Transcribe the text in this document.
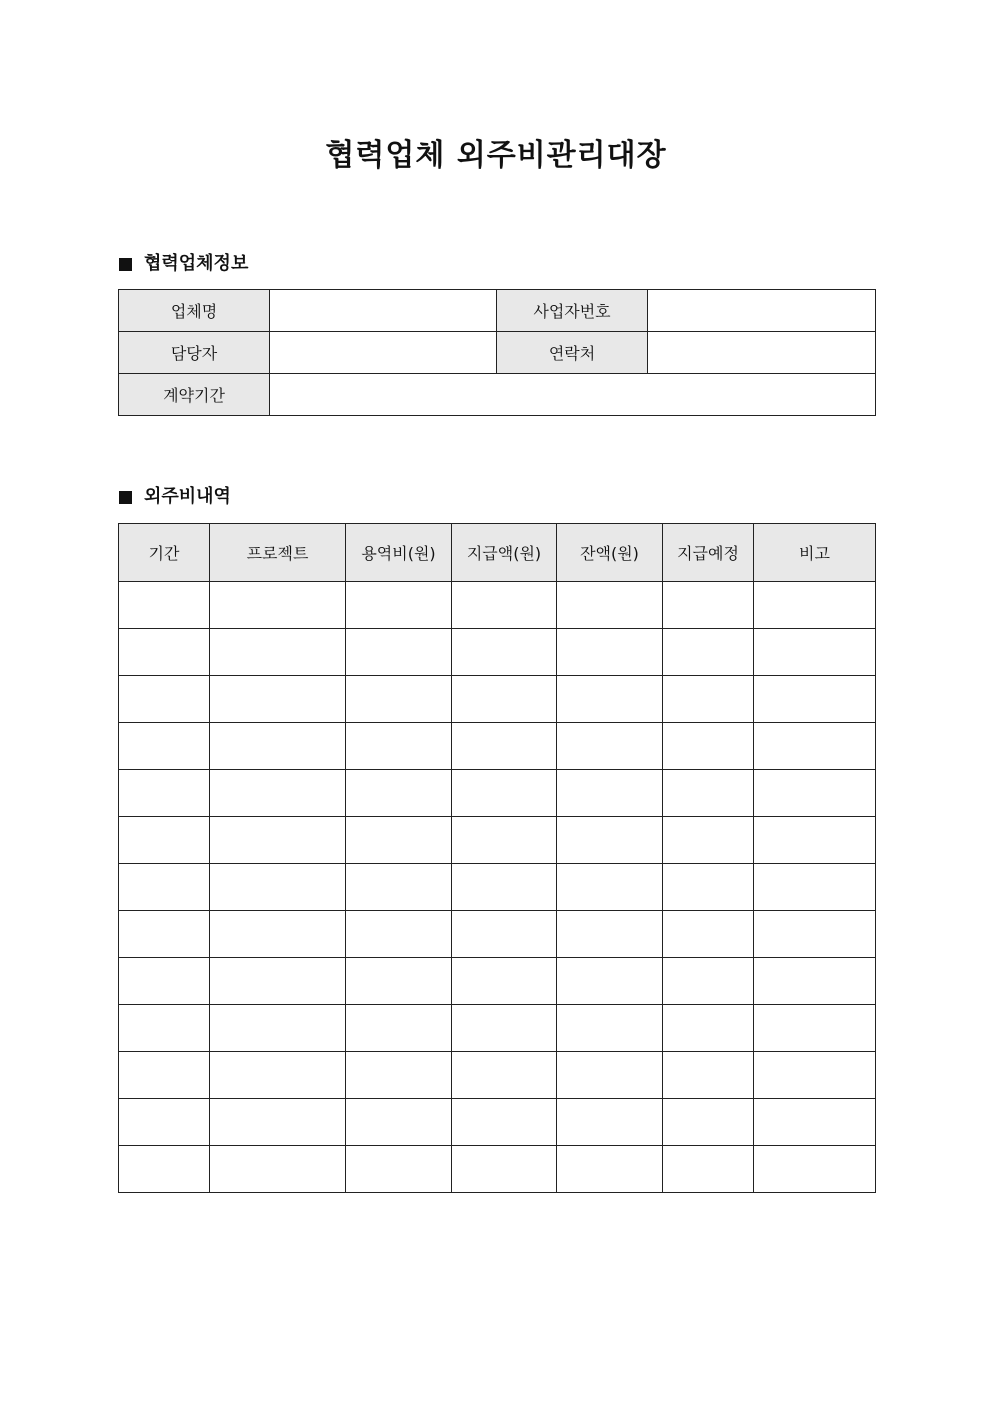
협력업체 외주비관리대장
협력업체정보
업체명		사업자번호	
담당자		연락처	
계약기간			
외주비내역
기간	프로젝트	용역비(원)	지급액(원)	잔액(원)	지급예정	비고
